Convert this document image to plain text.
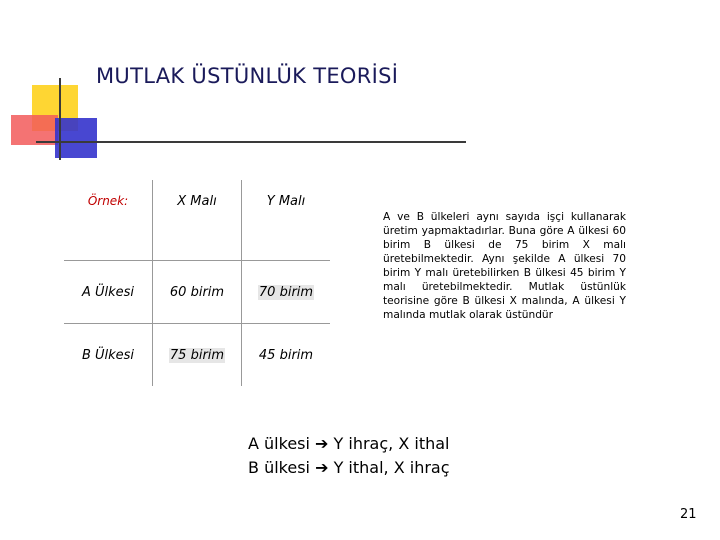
MUTLAK ÜSTÜNLÜK TEORİSİ
Örnek:	X Malı	Y Malı
A Ülkesi	60 birim	70 birim
B Ülkesi	75 birim	45 birim
A ve B ülkeleri aynı sayıda işçi kullanarak üretim yapmaktadırlar. Buna göre A ülkesi 60 birim B ülkesi de 75 birim X malı üretebilmektedir. Aynı şekilde A ülkesi 70 birim Y malı üretebilirken B ülkesi 45 birim Y malı üretebilmektedir. Mutlak üstünlük teorisine göre B ülkesi X malında, A ülkesi Y malında mutlak olarak üstündür
A ülkesi ➔ Y ihraç, X ithal
B ülkesi ➔ Y ithal, X ihraç
21
